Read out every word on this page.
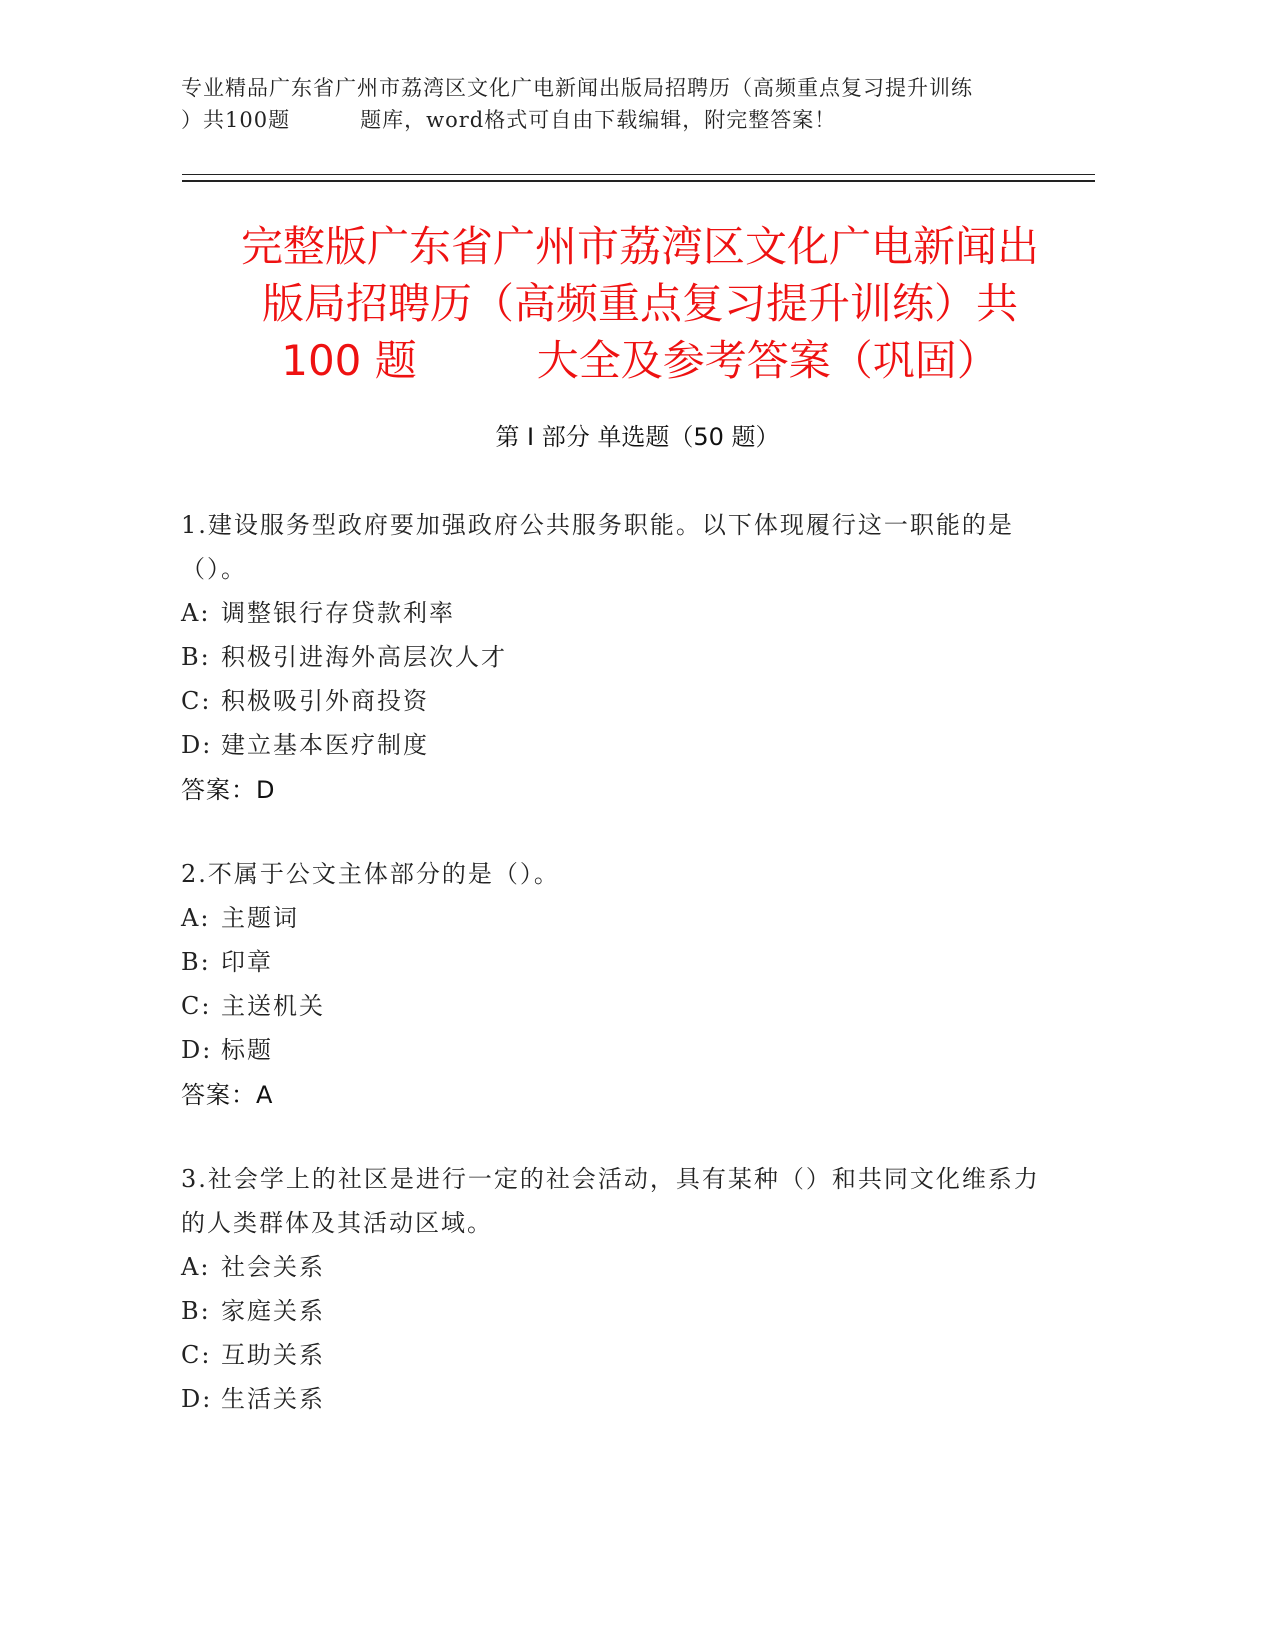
专业精品广东省广州市荔湾区文化广电新闻出版局招聘历（高频重点复习提升训练
）共100题	题库，word格式可自由下载编辑，附完整答案！
完整版广东省广州市荔湾区文化广电新闻出
版局招聘历（高频重点复习提升训练）共
100 题	大全及参考答案（巩固）
第 I 部分 单选题（50 题）
1.建设服务型政府要加强政府公共服务职能。以下体现履行这一职能的是（）。
A: 调整银行存贷款利率
B: 积极引进海外高层次人才
C: 积极吸引外商投资
D: 建立基本医疗制度
答案：D
2.不属于公文主体部分的是（）。
A: 主题词
B: 印章
C: 主送机关
D: 标题
答案：A
3.社会学上的社区是进行一定的社会活动，具有某种（）和共同文化维系力的人类群体及其活动区域。
A: 社会关系
B: 家庭关系
C: 互助关系
D: 生活关系
